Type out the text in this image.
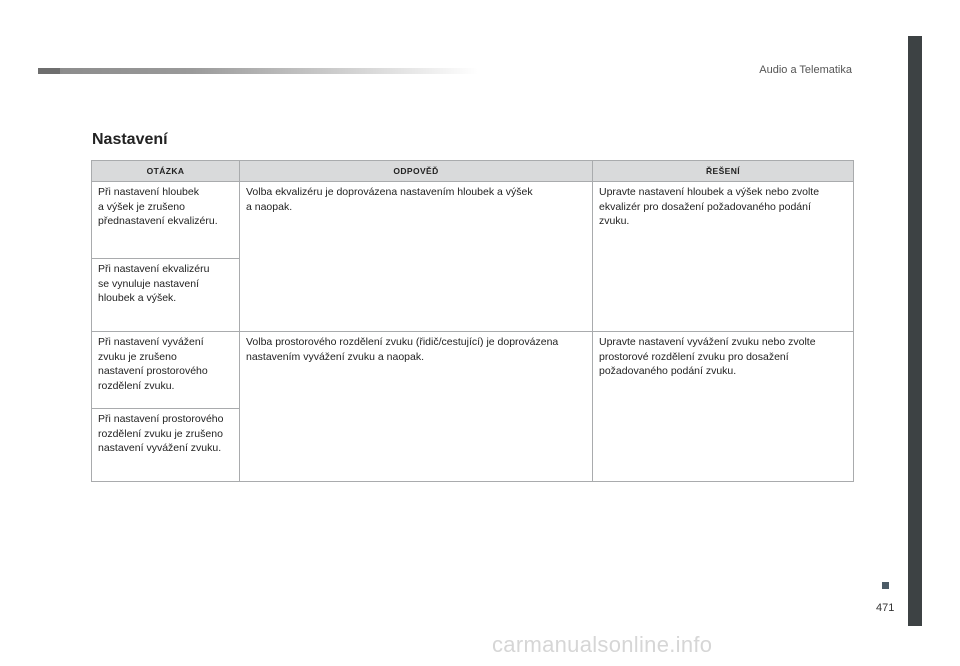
Audio a Telematika
471
Nastavení
OTÁZKA	ODPOVĚĎ	ŘEŠENÍ

Při nastavení hloubek
a výšek je zrušeno
přednastavení ekvalizéru.	Volba ekvalizéru je doprovázena nastavením hloubek a výšek
a naopak.	Upravte nastavení hloubek a výšek nebo zvolte
ekvalizér pro dosažení požadovaného podání
zvuku.

Při nastavení ekvalizéru
se vynuluje nastavení
hloubek a výšek.		

Při nastavení vyvážení
zvuku je zrušeno
nastavení prostorového
rozdělení zvuku.	Volba prostorového rozdělení zvuku (řidič/cestující) je doprovázena
nastavením vyvážení zvuku a naopak.	Upravte nastavení vyvážení zvuku nebo zvolte
prostorové rozdělení zvuku pro dosažení
požadovaného podání zvuku.

Při nastavení prostorového
rozdělení zvuku je zrušeno
nastavení vyvážení zvuku.		
carmanualsonline.info
